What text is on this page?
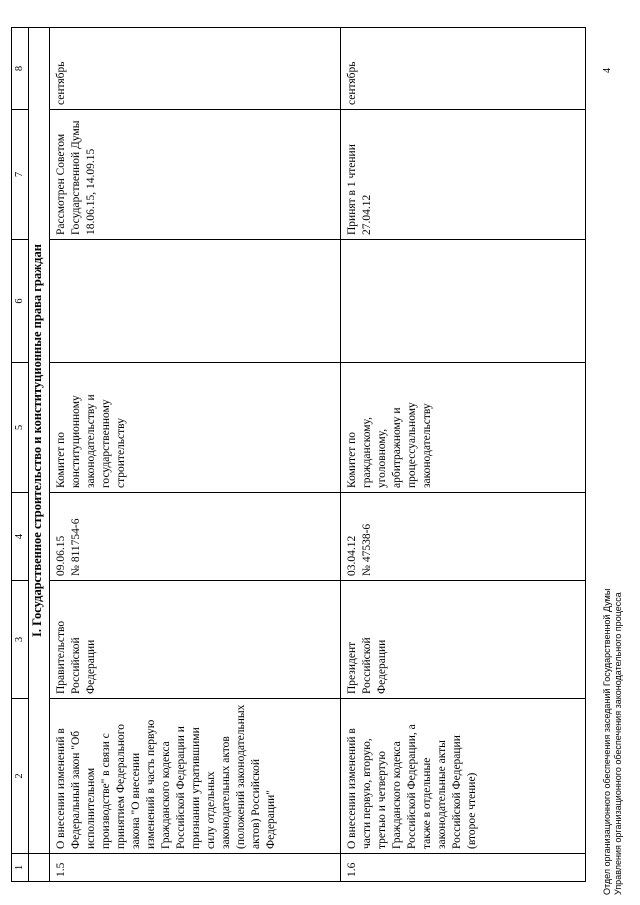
1	2	3	4	5	6	7	8
	I. Государственное строительство и конституционные права граждан						
1.5	О внесении изменений в Федеральный закон "Об исполнительном производстве" в связи с принятием Федерального закона "О внесении изменений в часть первую Гражданского кодекса Российской Федерации и признании утратившими силу отдельных законодательных актов (положений законодательных актов) Российской Федерации"	Правительство Российской Федерации	09.06.15 № 811754-6	Комитет по конституционному законодательству и государственному строительству		Рассмотрен Советом Государственной Думы 18.06.15, 14.09.15	сентябрь
1.6	О внесении изменений в части первую, вторую, третью и четвертую Гражданского кодекса Российской Федерации, а также в отдельные законодательные акты Российской Федерации (второе чтение)	Президент Российской Федерации	03.04.12 № 47538-6	Комитет по гражданскому, уголовному, арбитражному и процессуальному законодательству		Принят в 1 чтении 27.04.12	сентябрь
Отдел организационного обеспечения заседаний Государственной Думы Управления организационного обеспечения законодательного процесса
4
